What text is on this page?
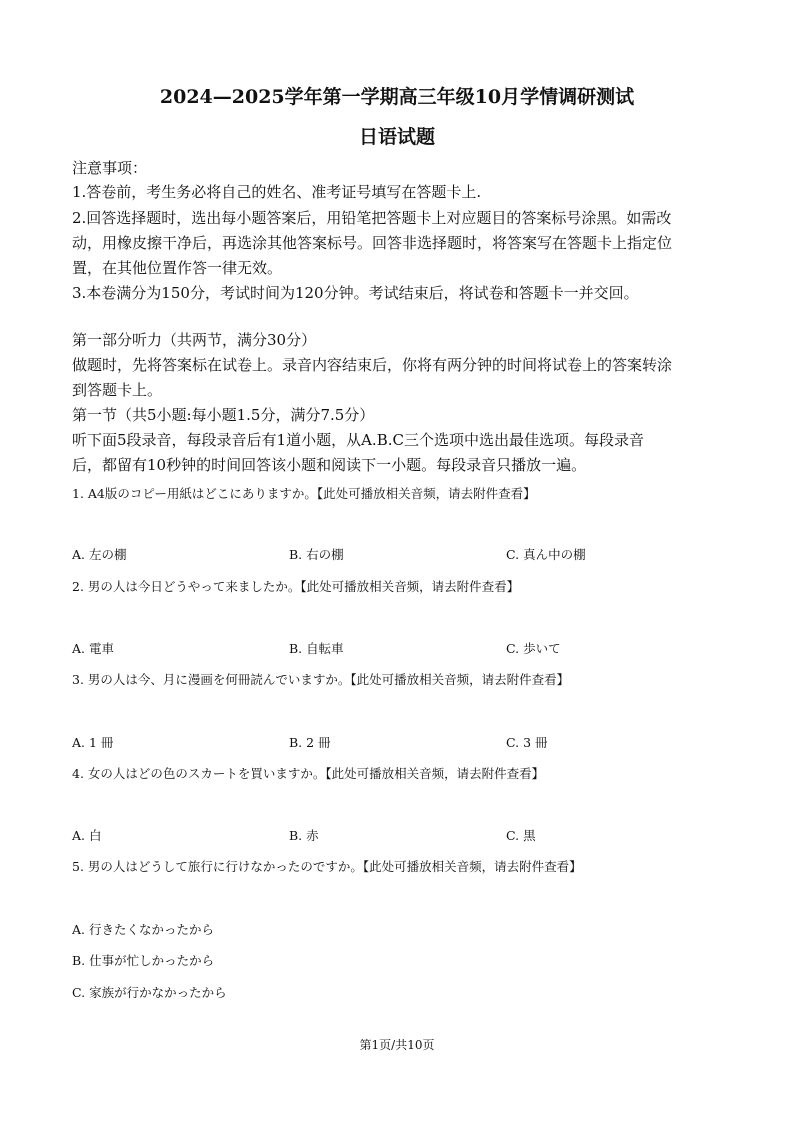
2024—2025学年第一学期高三年级10月学情调研测试
日语试题
注意事项：
1.答卷前，考生务必将自己的姓名、准考证号填写在答题卡上.
2.回答选择题时，选出每小题答案后，用铅笔把答题卡上对应题目的答案标号涂黑。如需改
动，用橡皮擦干净后，再选涂其他答案标号。回答非选择题时，将答案写在答题卡上指定位
置，在其他位置作答一律无效。
3.本卷满分为150分，考试时间为120分钟。考试结束后，将试卷和答题卡一并交回。
第一部分听力（共两节，满分30分）
做题时，先将答案标在试卷上。录音内容结束后，你将有两分钟的时间将试卷上的答案转涂
到答题卡上。
第一节（共5小题:每小题1.5分，满分7.5分）
听下面5段录音，每段录音后有1道小题，从A.B.C三个选项中选出最佳选项。每段录音
后，都留有10秒钟的时间回答该小题和阅读下一小题。每段录音只播放一遍。
1. A4版のコピー用紙はどこにありますか。【此处可播放相关音频，请去附件查看】
A. 左の棚	B. 右の棚	C. 真ん中の棚
2. 男の人は今日どうやって来ましたか。【此处可播放相关音频，请去附件查看】
A. 電車	B. 自転車	C. 歩いて
3. 男の人は今、月に漫画を何冊読んでいますか。【此处可播放相关音频，请去附件查看】
A. 1 冊	B. 2 冊	C. 3 冊
4. 女の人はどの色のスカートを買いますか。【此处可播放相关音频，请去附件查看】
A. 白	B. 赤	C. 黒
5. 男の人はどうして旅行に行けなかったのですか。【此处可播放相关音频，请去附件查看】
A. 行きたくなかったから
B. 仕事が忙しかったから
C. 家族が行かなかったから
第1页/共10页
